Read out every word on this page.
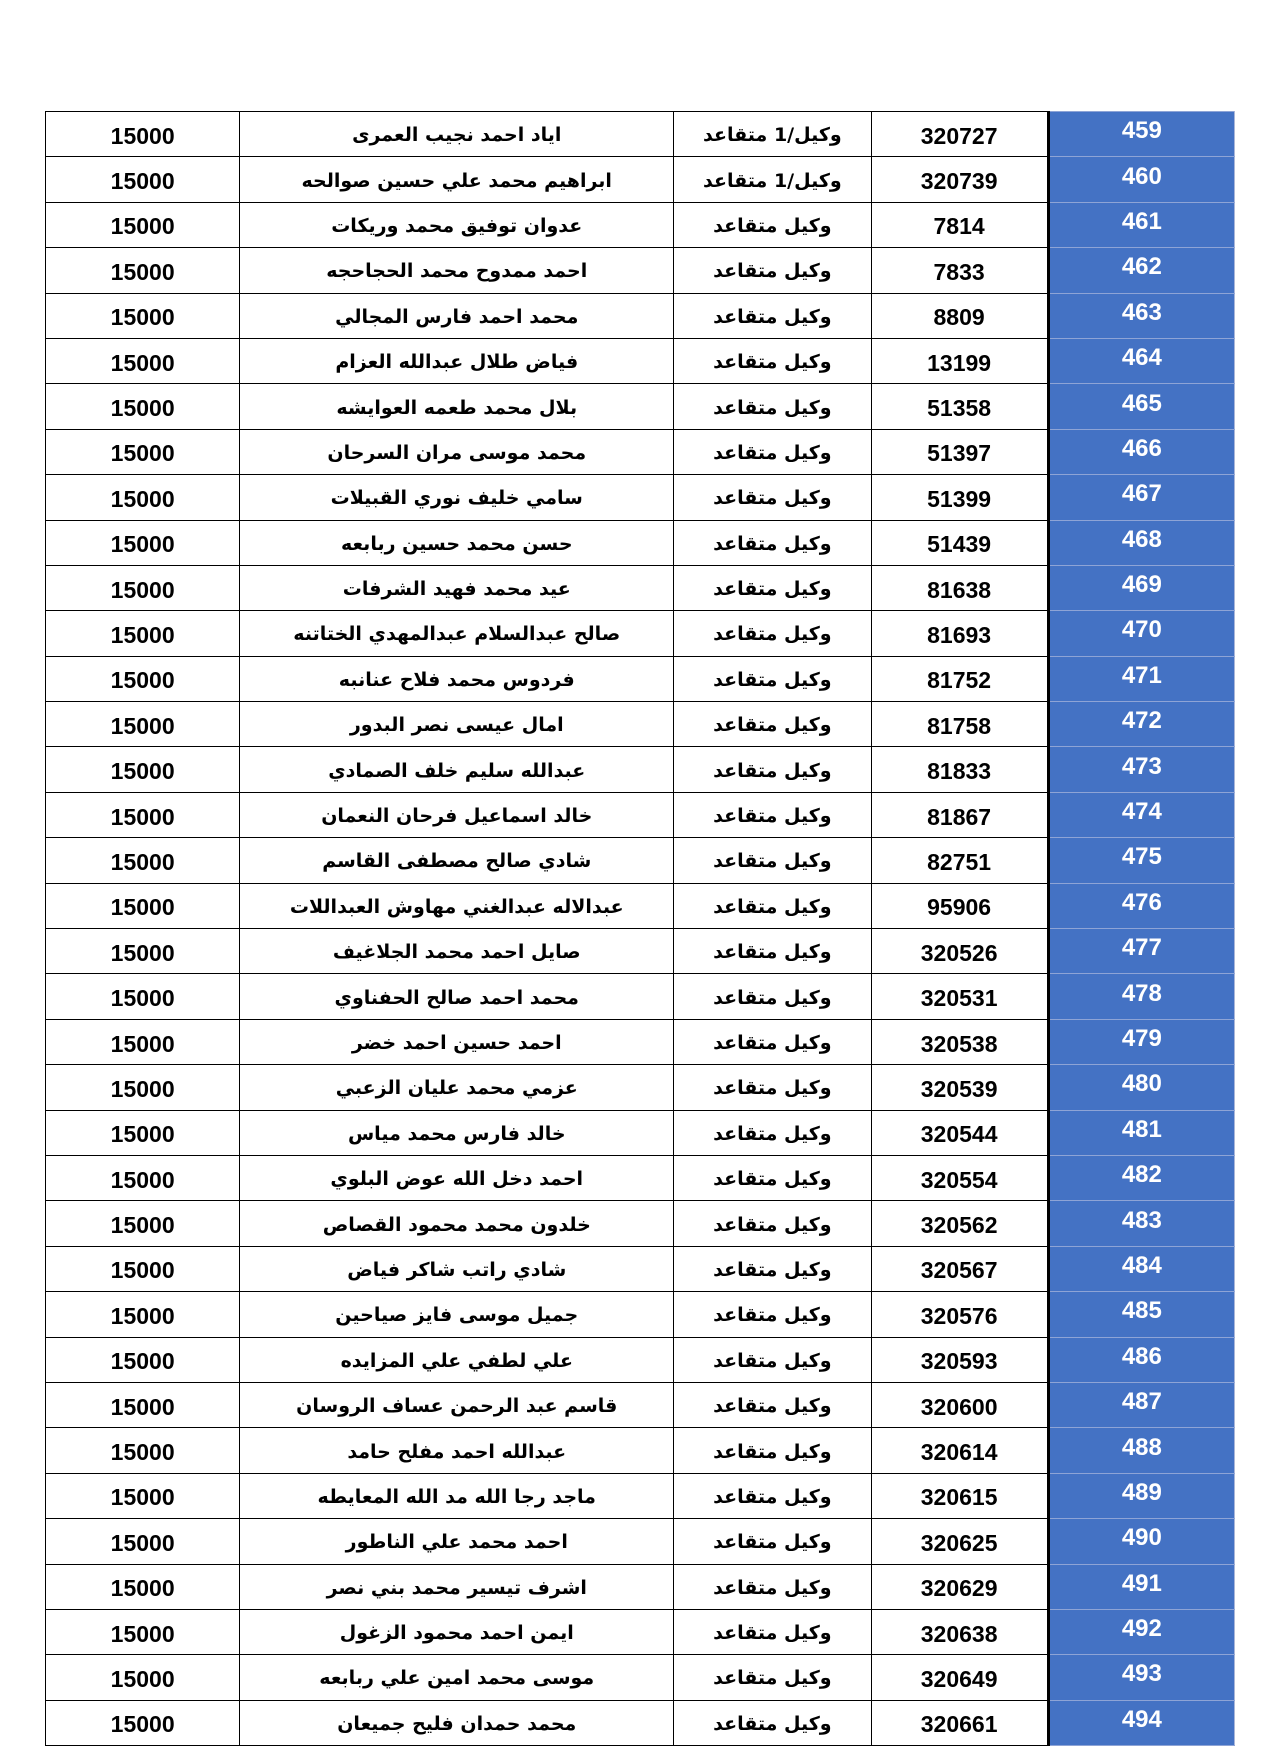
15000	اياد احمد نجيب العمرى	وكيل/1 متقاعد	320727	459
15000	ابراهيم محمد علي حسين صوالحه	وكيل/1 متقاعد	320739	460
15000	عدوان توفيق محمد وريكات	وكيل متقاعد	7814	461
15000	احمد ممدوح محمد الحجاحجه	وكيل متقاعد	7833	462
15000	محمد احمد فارس المجالي	وكيل متقاعد	8809	463
15000	فياض طلال عبدالله العزام	وكيل متقاعد	13199	464
15000	بلال محمد طعمه العوايشه	وكيل متقاعد	51358	465
15000	محمد موسى مران السرحان	وكيل متقاعد	51397	466
15000	سامي خليف نوري القبيلات	وكيل متقاعد	51399	467
15000	حسن محمد حسين ربابعه	وكيل متقاعد	51439	468
15000	عيد محمد فهيد الشرفات	وكيل متقاعد	81638	469
15000	صالح عبدالسلام عبدالمهدي الختاتنه	وكيل متقاعد	81693	470
15000	فردوس محمد فلاح عنانبه	وكيل متقاعد	81752	471
15000	امال عيسى نصر البدور	وكيل متقاعد	81758	472
15000	عبدالله سليم خلف الصمادي	وكيل متقاعد	81833	473
15000	خالد اسماعيل فرحان النعمان	وكيل متقاعد	81867	474
15000	شادي صالح مصطفى القاسم	وكيل متقاعد	82751	475
15000	عبدالاله عبدالغني مهاوش العبداللات	وكيل متقاعد	95906	476
15000	صايل احمد محمد الجلاغيف	وكيل متقاعد	320526	477
15000	محمد احمد صالح الحفناوي	وكيل متقاعد	320531	478
15000	احمد حسين احمد خضر	وكيل متقاعد	320538	479
15000	عزمي محمد عليان الزعبي	وكيل متقاعد	320539	480
15000	خالد فارس محمد مياس	وكيل متقاعد	320544	481
15000	احمد دخل الله عوض البلوي	وكيل متقاعد	320554	482
15000	خلدون محمد محمود القصاص	وكيل متقاعد	320562	483
15000	شادي راتب شاكر فياض	وكيل متقاعد	320567	484
15000	جميل موسى فايز صياحين	وكيل متقاعد	320576	485
15000	علي لطفي علي المزايده	وكيل متقاعد	320593	486
15000	قاسم عبد الرحمن عساف الروسان	وكيل متقاعد	320600	487
15000	عبدالله احمد مفلح حامد	وكيل متقاعد	320614	488
15000	ماجد رجا الله مد الله المعايطه	وكيل متقاعد	320615	489
15000	احمد محمد علي الناطور	وكيل متقاعد	320625	490
15000	اشرف تيسير محمد بني نصر	وكيل متقاعد	320629	491
15000	ايمن احمد محمود الزغول	وكيل متقاعد	320638	492
15000	موسى محمد امين علي ربابعه	وكيل متقاعد	320649	493
15000	محمد حمدان فليح جميعان	وكيل متقاعد	320661	494
